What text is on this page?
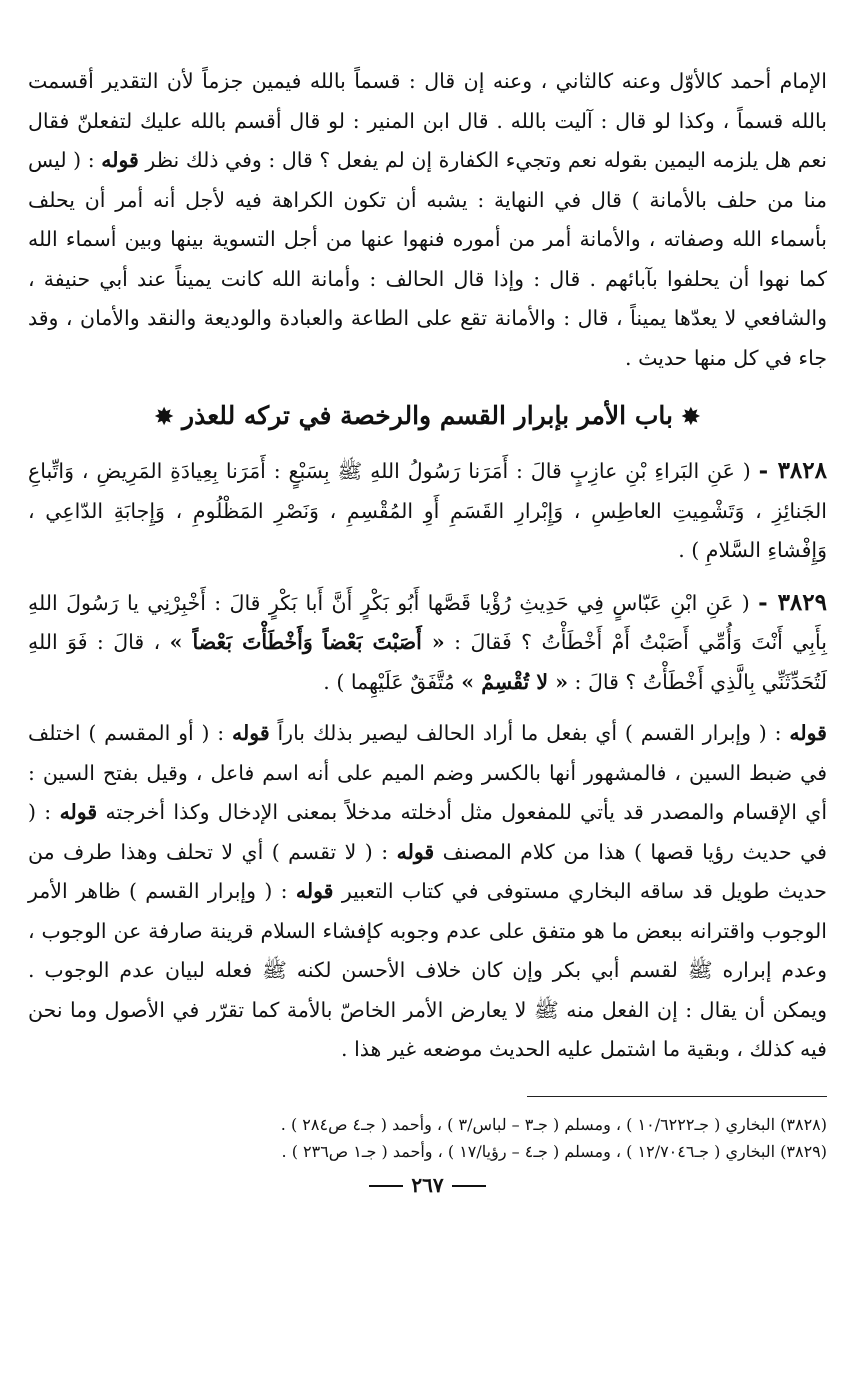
الإمام أحمد كالأوّل وعنه كالثاني ، وعنه إن قال : قسماً بالله فيمين جزماً لأن التقدير أقسمت بالله قسماً ، وكذا لو قال : آليت بالله . قال ابن المنير : لو قال أقسم بالله عليك لتفعلنّ فقال نعم هل يلزمه اليمين بقوله نعم وتجيء الكفارة إن لم يفعل ؟ قال : وفي ذلك نظر قوله : ( ليس منا من حلف بالأمانة ) قال في النهاية : يشبه أن تكون الكراهة فيه لأجل أنه أمر أن يحلف بأسماء الله وصفاته ، والأمانة أمر من أموره فنهوا عنها من أجل التسوية بينها وبين أسماء الله كما نهوا أن يحلفوا بآبائهم . قال : وإذا قال الحالف : وأمانة الله كانت يميناً عند أبي حنيفة ، والشافعي لا يعدّها يميناً ، قال : والأمانة تقع على الطاعة والعبادة والوديعة والنقد والأمان ، وقد جاء في كل منها حديث .

✸ باب الأمر بإبرار القسم والرخصة في تركه للعذر ✸

٣٨٢٨ - ( عَنِ البَراءِ بْنِ عازِبٍ قالَ : أَمَرَنا رَسُولُ اللهِ ﷺ بِسَبْعٍ : أَمَرَنا بِعِيادَةِ المَرِيضِ ، وَاتِّباعِ الجَنائِزِ ، وَتَشْمِيتِ العاطِسِ ، وَإِبْرارِ القَسَمِ أَوِ المُقْسِمِ ، وَنَصْرِ المَظْلُومِ ، وَإِجابَةِ الدّاعِي ، وَإِفْشاءِ السَّلامِ ) .

٣٨٢٩ - ( عَنِ ابْنِ عَبّاسٍ فِي حَدِيثِ رُؤْيا قَصَّها أَبُو بَكْرٍ أَنَّ أَبا بَكْرٍ قالَ : أَخْبِرْنِي يا رَسُولَ اللهِ بِأَبِي أَنْتَ وَأُمِّي أَصَبْتُ أَمْ أَخْطَأْتُ ؟ فَقالَ : « أَصَبْتَ بَعْضاً وَأَخْطَأْتَ بَعْضاً » ، قالَ : فَوَ اللهِ لَتُحَدِّثَنِّي بِالَّذِي أَخْطَأْتُ ؟ قالَ : « لا تُقْسِمْ » مُتَّفَقٌ عَلَيْهِما ) .

قوله : ( وإبرار القسم ) أي بفعل ما أراد الحالف ليصير بذلك باراً قوله : ( أو المقسم ) اختلف في ضبط السين ، فالمشهور أنها بالكسر وضم الميم على أنه اسم فاعل ، وقيل بفتح السين : أي الإقسام والمصدر قد يأتي للمفعول مثل أدخلته مدخلاً بمعنى الإدخال وكذا أخرجته قوله : ( في حديث رؤيا قصها ) هذا من كلام المصنف قوله : ( لا تقسم ) أي لا تحلف وهذا طرف من حديث طويل قد ساقه البخاري مستوفى في كتاب التعبير قوله : ( وإبرار القسم ) ظاهر الأمر الوجوب واقترانه ببعض ما هو متفق على عدم وجوبه كإفشاء السلام قرينة صارفة عن الوجوب ، وعدم إبراره ﷺ لقسم أبي بكر وإن كان خلاف الأحسن لكنه ﷺ فعله لبيان عدم الوجوب . ويمكن أن يقال : إن الفعل منه ﷺ لا يعارض الأمر الخاصّ بالأمة كما تقرّر في الأصول وما نحن فيه كذلك ، وبقية ما اشتمل عليه الحديث موضعه غير هذا .

(٣٨٢٨) البخاري ( جـ١٠/٦٢٢٢ ) ، ومسلم ( جـ٣ – لباس/٣ ) ، وأحمد ( جـ٤ ص٢٨٤ ) .

(٣٨٢٩) البخاري ( جـ١٢/٧٠٤٦ ) ، ومسلم ( جـ٤ – رؤيا/١٧ ) ، وأحمد ( جـ١ ص٢٣٦ ) .

٢٦٧
